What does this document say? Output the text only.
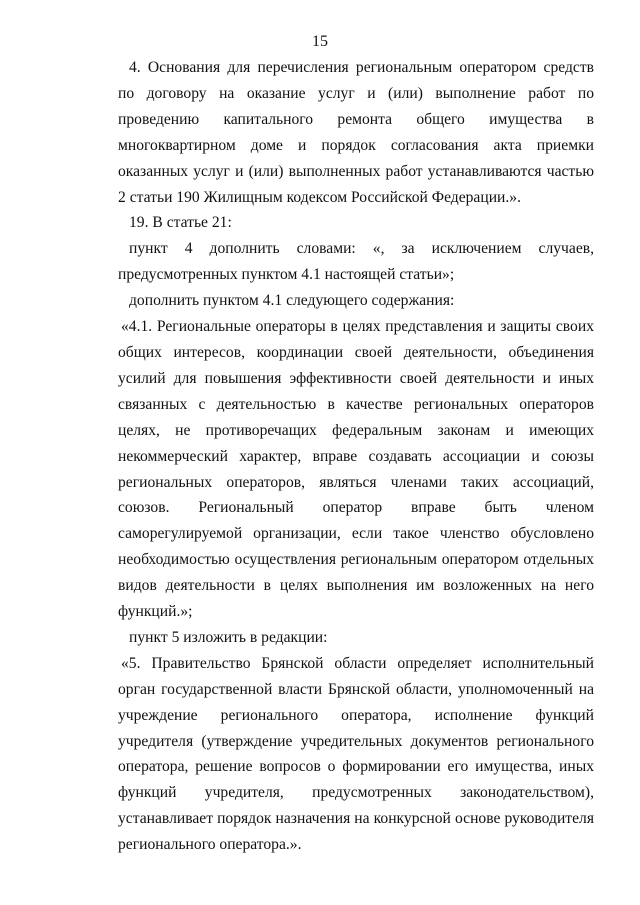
15

4. Основания для перечисления региональным оператором средств по договору на оказание услуг и (или) выполнение работ по проведению капитального ремонта общего имущества в многоквартирном доме и порядок согласования акта приемки оказанных услуг и (или) выполненных работ устанавливаются частью 2 статьи 190 Жилищным кодексом Российской Федерации.».

19. В статье 21:

пункт 4 дополнить словами: «, за исключением случаев, предусмотренных пунктом 4.1 настоящей статьи»;

дополнить пунктом 4.1 следующего содержания:

«4.1. Региональные операторы в целях представления и защиты своих общих интересов, координации своей деятельности, объединения усилий для повышения эффективности своей деятельности и иных связанных с деятельностью в качестве региональных операторов целях, не противоречащих федеральным законам и имеющих некоммерческий характер, вправе создавать ассоциации и союзы региональных операторов, являться членами таких ассоциаций, союзов. Региональный оператор вправе быть членом саморегулируемой организации, если такое членство обусловлено необходимостью осуществления региональным оператором отдельных видов деятельности в целях выполнения им возложенных на него функций.»;

пункт 5 изложить в редакции:

«5. Правительство Брянской области определяет исполнительный орган государственной власти Брянской области, уполномоченный на учреждение регионального оператора, исполнение функций учредителя (утверждение учредительных документов регионального оператора, решение вопросов о формировании его имущества, иных функций учредителя, предусмотренных законодательством), устанавливает порядок назначения на конкурсной основе руководителя регионального оператора.».
